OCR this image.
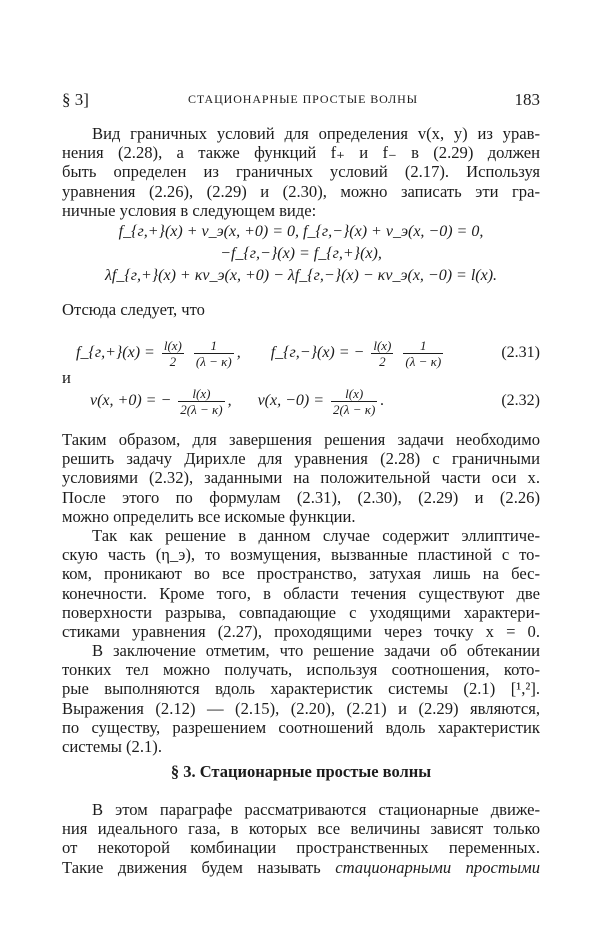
§ 3]	СТАЦИОНАРНЫЕ ПРОСТЫЕ ВОЛНЫ	183
Вид граничных условий для определения v(x, y) из урав-
нения (2.28), а также функций f₊ и f₋ в (2.29) должен
быть определен из граничных условий (2.17). Используя
уравнения (2.26), (2.29) и (2.30), можно записать эти гра-
ничные условия в следующем виде:
f_{г,+}(x) + v_э(x, +0) = 0, f_{г,−}(x) + v_э(x, −0) = 0,
−f_{г,−}(x) = f_{г,+}(x),
λf_{г,+}(x) + κv_э(x, +0) − λf_{г,−}(x) − κv_э(x, −0) = l(x).
Отсюда следует, что
f_{г,+}(x) = $\frac{l(x)}{2}$
$\frac{1}{(\lambda - \kappa)}$ , f_{г,−}(x) = − $\frac{l(x)}{2}$
$\frac{1}{(\lambda - \kappa)}$	(2.31)
и
v(x, +0) = − $\frac{l(x)}{2(\lambda - \kappa)}$ , v(x, $-0) = \frac{l(x)}{2(\lambda - \kappa)}$ .	(2.32)
Таким образом, для завершения решения задачи необходимо
решить задачу Дирихле для уравнения (2.28) с граничными
условиями (2.32), заданными на положительной части оси x.
После этого по формулам (2.31), (2.30), (2.29) и (2.26)
можно определить все искомые функции.
Так как решение в данном случае содержит эллиптиче-
скую часть (η_э), то возмущения, вызванные пластиной с то-
ком, проникают во все пространство, затухая лишь на бес-
конечности. Кроме того, в области течения существуют две
поверхности разрыва, совпадающие с уходящими характери-
стиками уравнения (2.27), проходящими через точку x = 0.
В заключение отметим, что решение задачи об обтекании
тонких тел можно получать, используя соотношения, кото-
рые выполняются вдоль характеристик системы (2.1) [¹,²].
Выражения (2.12) — (2.15), (2.20), (2.21) и (2.29) являются,
по существу, разрешением соотношений вдоль характеристик
системы (2.1).
§ 3. Стационарные простые волны
В этом параграфе рассматриваются стационарные движе-
ния идеального газа, в которых все величины зависят только
от некоторой комбинации пространственных переменных.
Такие движения будем называть стационарными простыми
